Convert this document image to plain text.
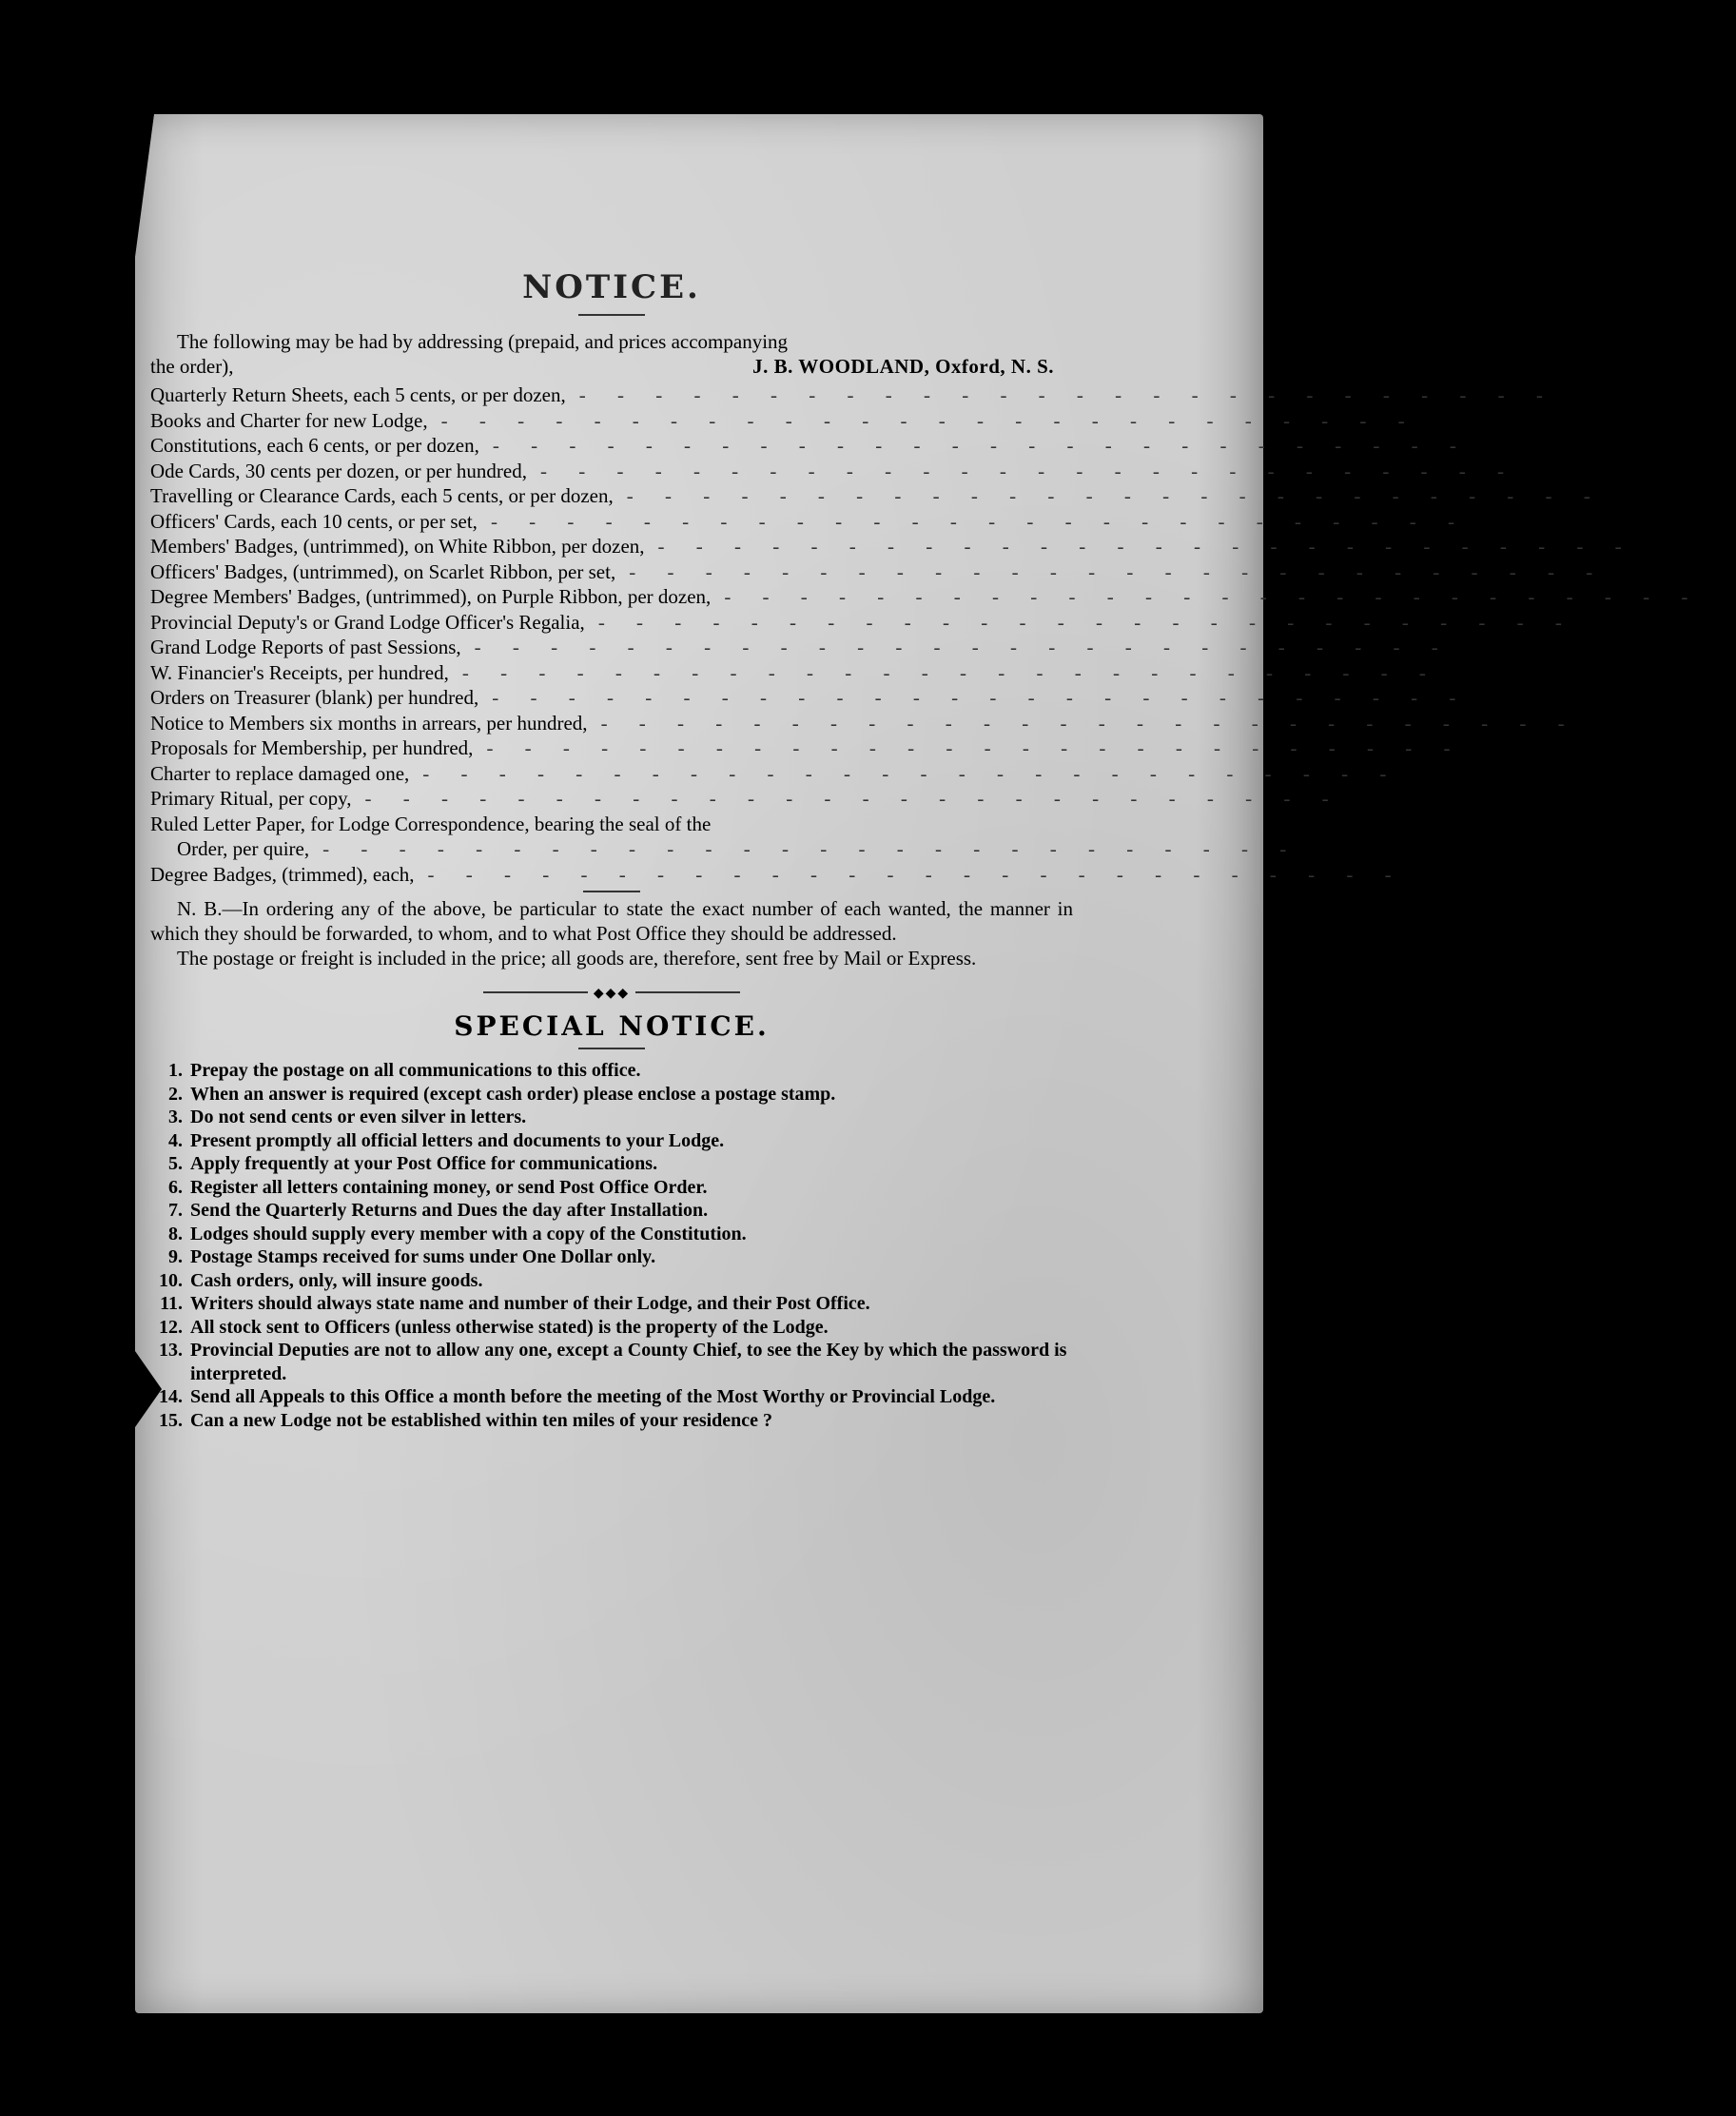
NOTICE.

The following may be had by addressing (prepaid, and prices accompanying

the order),	J. B. WOODLAND, Oxford, N. S.
Quarterly Return Sheets, each 5 cents, or per dozen, - - - - - - - - - - - - - - - - - - - - - - - - - - $0.50
Books and Charter for new Lodge, - - - - - - - - - - - - - - - - - - - - - - - - - - 8.00
Constitutions, each 6 cents, or per dozen, - - - - - - - - - - - - - - - - - - - - - - - - - - 0.60
Ode Cards, 30 cents per dozen, or per hundred, - - - - - - - - - - - - - - - - - - - - - - - - - - 2.50
Travelling or Clearance Cards, each 5 cents, or per dozen, - - - - - - - - - - - - - - - - - - - - - - - - - - 0.50
Officers' Cards, each 10 cents, or per set, - - - - - - - - - - - - - - - - - - - - - - - - - - 0.25
Members' Badges, (untrimmed), on White Ribbon, per dozen, - - - - - - - - - - - - - - - - - - - - - - - - - - 1.00
Officers' Badges, (untrimmed), on Scarlet Ribbon, per set, - - - - - - - - - - - - - - - - - - - - - - - - - - 2.00
Degree Members' Badges, (untrimmed), on Purple Ribbon, per dozen, - - - - - - - - - - - - - - - - - - - - - - - - - - 1.80
Provincial Deputy's or Grand Lodge Officer's Regalia, - - - - - - - - - - - - - - - - - - - - - - - - - - 5.00
Grand Lodge Reports of past Sessions, - - - - - - - - - - - - - - - - - - - - - - - - - - 0.12½
W. Financier's Receipts, per hundred, - - - - - - - - - - - - - - - - - - - - - - - - - - 0.30
Orders on Treasurer (blank) per hundred, - - - - - - - - - - - - - - - - - - - - - - - - - - 0.50
Notice to Members six months in arrears, per hundred, - - - - - - - - - - - - - - - - - - - - - - - - - - 0.50
Proposals for Membership, per hundred, - - - - - - - - - - - - - - - - - - - - - - - - - - 0.50
Charter to replace damaged one, - - - - - - - - - - - - - - - - - - - - - - - - - - 1.00
Primary Ritual, per copy, - - - - - - - - - - - - - - - - - - - - - - - - - - 0.25
Ruled Letter Paper, for Lodge Correspondence, bearing the seal of the
Order, per quire, - - - - - - - - - - - - - - - - - - - - - - - - - - 0.50
Degree Badges, (trimmed), each, - - - - - - - - - - - - - - - - - - - - - - - - - - 0.40

N. B.—In ordering any of the above, be particular to state the exact number of each wanted, the manner in which they should be forwarded, to whom, and to what Post Office they should be addressed.

The postage or freight is included in the price; all goods are, therefore, sent free by Mail or Express.

◆◆◆
SPECIAL NOTICE.
1. Prepay the postage on all communications to this office.
2. When an answer is required (except cash order) please enclose a postage stamp.
3. Do not send cents or even silver in letters.
4. Present promptly all official letters and documents to your Lodge.
5. Apply frequently at your Post Office for communications.
6. Register all letters containing money, or send Post Office Order.
7. Send the Quarterly Returns and Dues the day after Installation.
8. Lodges should supply every member with a copy of the Constitution.
9. Postage Stamps received for sums under One Dollar only.
10. Cash orders, only, will insure goods.
11. Writers should always state name and number of their Lodge, and their Post Office.
12. All stock sent to Officers (unless otherwise stated) is the property of the Lodge.
13. Provincial Deputies are not to allow any one, except a County Chief, to see the Key by which the password is interpreted.
14. Send all Appeals to this Office a month before the meeting of the Most Worthy or Provincial Lodge.
15. Can a new Lodge not be established within ten miles of your residence ?
